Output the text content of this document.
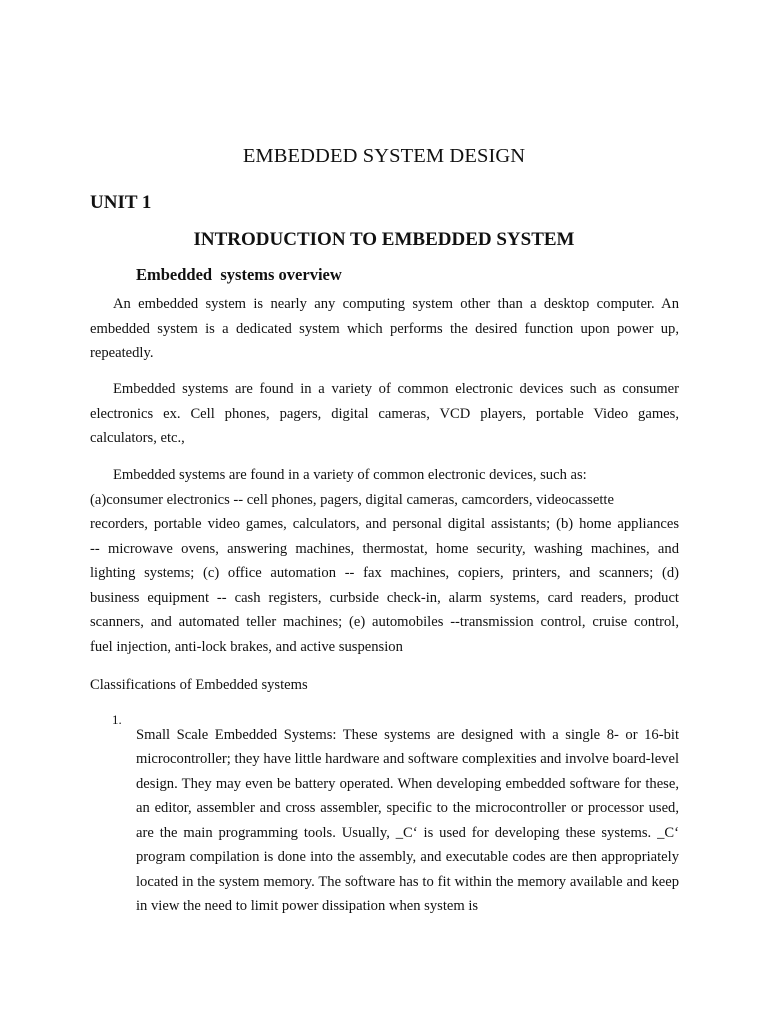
EMBEDDED SYSTEM DESIGN
UNIT 1
INTRODUCTION TO EMBEDDED SYSTEM
Embedded  systems overview

An embedded system is nearly any computing system other than a desktop computer. An embedded system is a dedicated system which performs the desired function upon power up, repeatedly.

Embedded systems are found in a variety of common electronic devices such as consumer electronics ex. Cell phones, pagers, digital cameras, VCD players, portable Video games, calculators, etc.,

Embedded systems are found in a variety of common electronic devices, such as:
(a)consumer electronics -- cell phones, pagers, digital cameras, camcorders, videocassette
recorders, portable video games, calculators, and personal digital assistants; (b) home appliances
-- microwave ovens, answering machines, thermostat, home security, washing machines, and
lighting systems; (c) office automation -- fax machines, copiers, printers, and scanners; (d)
business equipment -- cash registers, curbside check-in, alarm systems, card readers, product
scanners, and automated teller machines; (e) automobiles --transmission control, cruise control,
fuel injection, anti-lock brakes, and active suspension

Classifications of Embedded systems

1.

Small Scale Embedded Systems: These systems are designed with a single 8- or 16-bit microcontroller; they have little hardware and software complexities and involve board-level design. They may even be battery operated. When developing embedded software for these, an editor, assembler and cross assembler, specific to the microcontroller or processor used, are the main programming tools. Usually, _C‘ is used for developing these systems. _C‘ program compilation is done into the assembly, and executable codes are then appropriately located in the system memory. The software has to fit within the memory available and keep in view the need to limit power dissipation when system is
